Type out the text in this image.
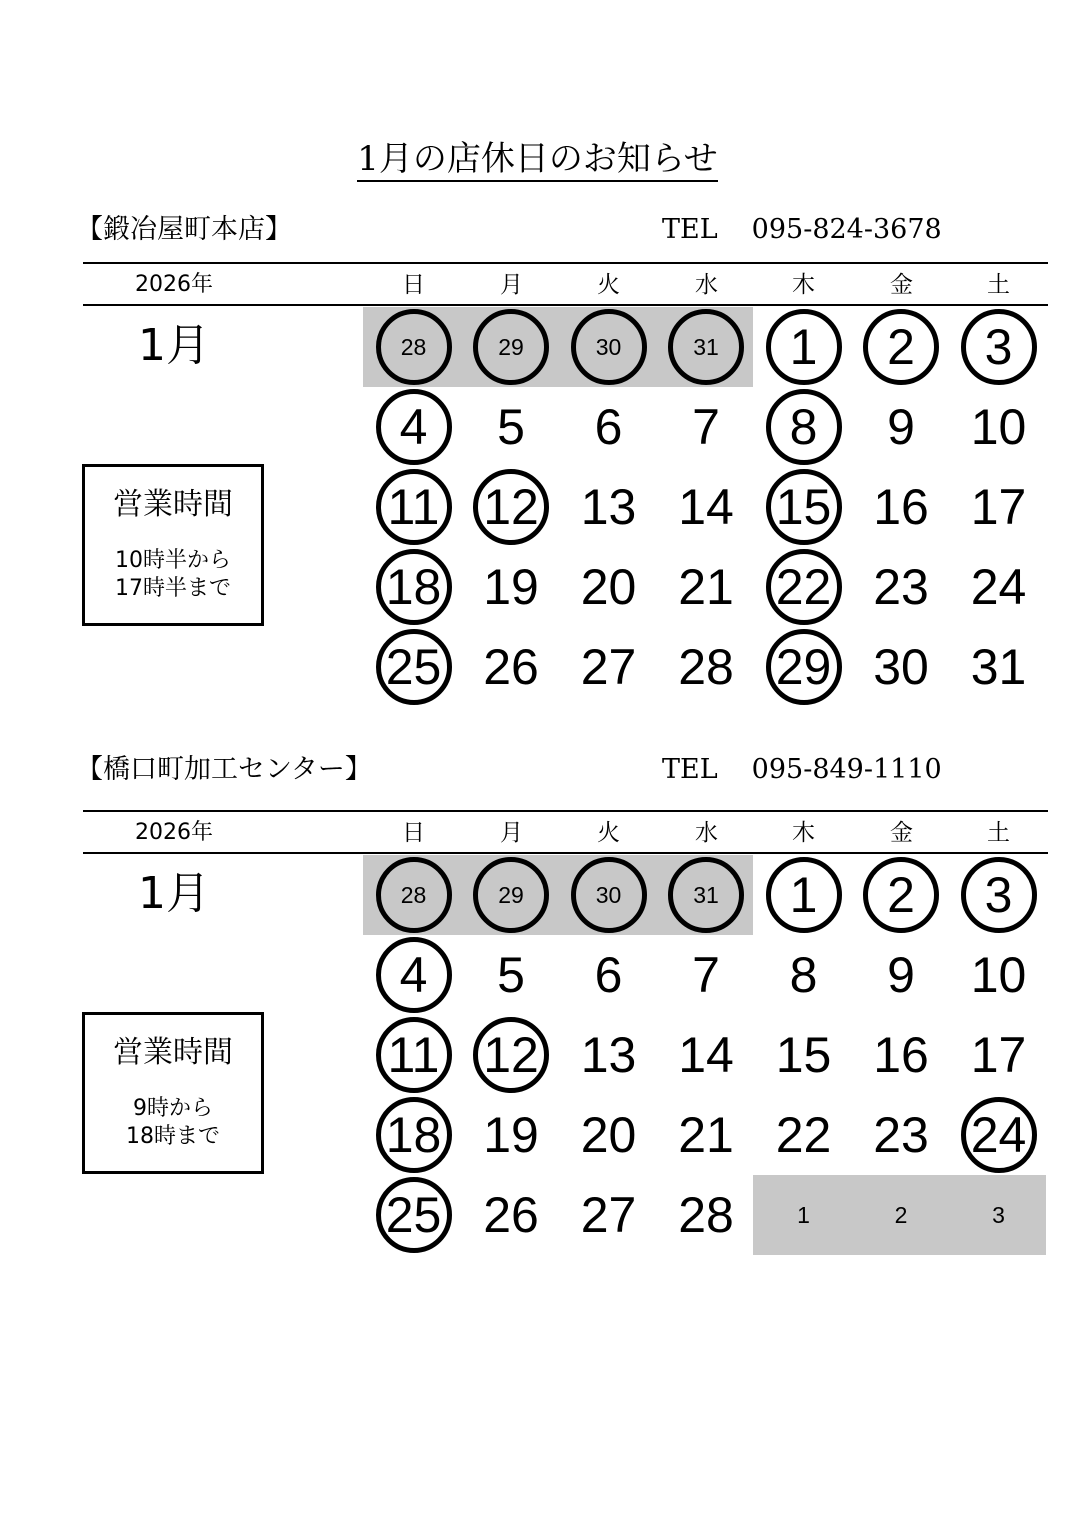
1月の店休日のお知らせ
【鍛冶屋町本店】	TEL 095-824-3678
2026年	日	月	火	水	木	金	土
1月
営業時間
10時半から
17時半まで
28	29	30	31 1 2 3
4 5 6 7 8 9 10
11 12 13 14 15 16 17
18 19 20 21 22 23 24
25 26 27 28 29 30 31
【橋口町加工センター】	TEL 095-849-1110
2026年	日	月	火	水	木	金	土
1月
営業時間
9時から
18時まで
28	29	30	31 1 2 3
4 5 6 7 8 9 10
11 12 13 14 15 16 17
18 19 20 21 22 23 24
25 26 27 28	1	2	3
